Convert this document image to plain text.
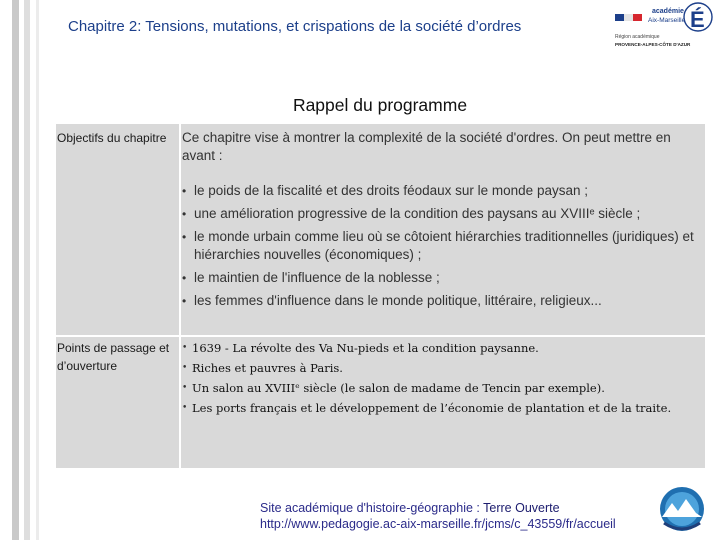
Chapitre 2: Tensions, mutations, et crispations de la société d’ordres	É
académie
Aix-Marseille
Région académique
PROVENCE-ALPES-CÔTE D'AZUR
Rappel du programme
Objectifs du chapitre	Ce chapitre vise à montrer la complexité de la société d'ordres. On peut mettre en avant :
• le poids de la fiscalité et des droits féodaux sur le monde paysan ;
• une amélioration progressive de la condition des paysans au XVIIIᵉ siècle ;
• le monde urbain comme lieu où se côtoient hiérarchies traditionnelles (juridiques) et hiérarchies nouvelles (économiques) ;
• le maintien de l'influence de la noblesse ;
• les femmes d'influence dans le monde politique, littéraire, religieux...
Points de passage et d’ouverture
• 1639 - La révolte des Va Nu-pieds et la condition paysanne.
• Riches et pauvres à Paris.
• Un salon au XVIIIᵉ siècle (le salon de madame de Tencin par exemple).
• Les ports français et le développement de l’économie de plantation et de la traite.
Site académique d'histoire-géographie : Terre Ouverte
http://www.pedagogie.ac-aix-marseille.fr/jcms/c_43559/fr/accueil
